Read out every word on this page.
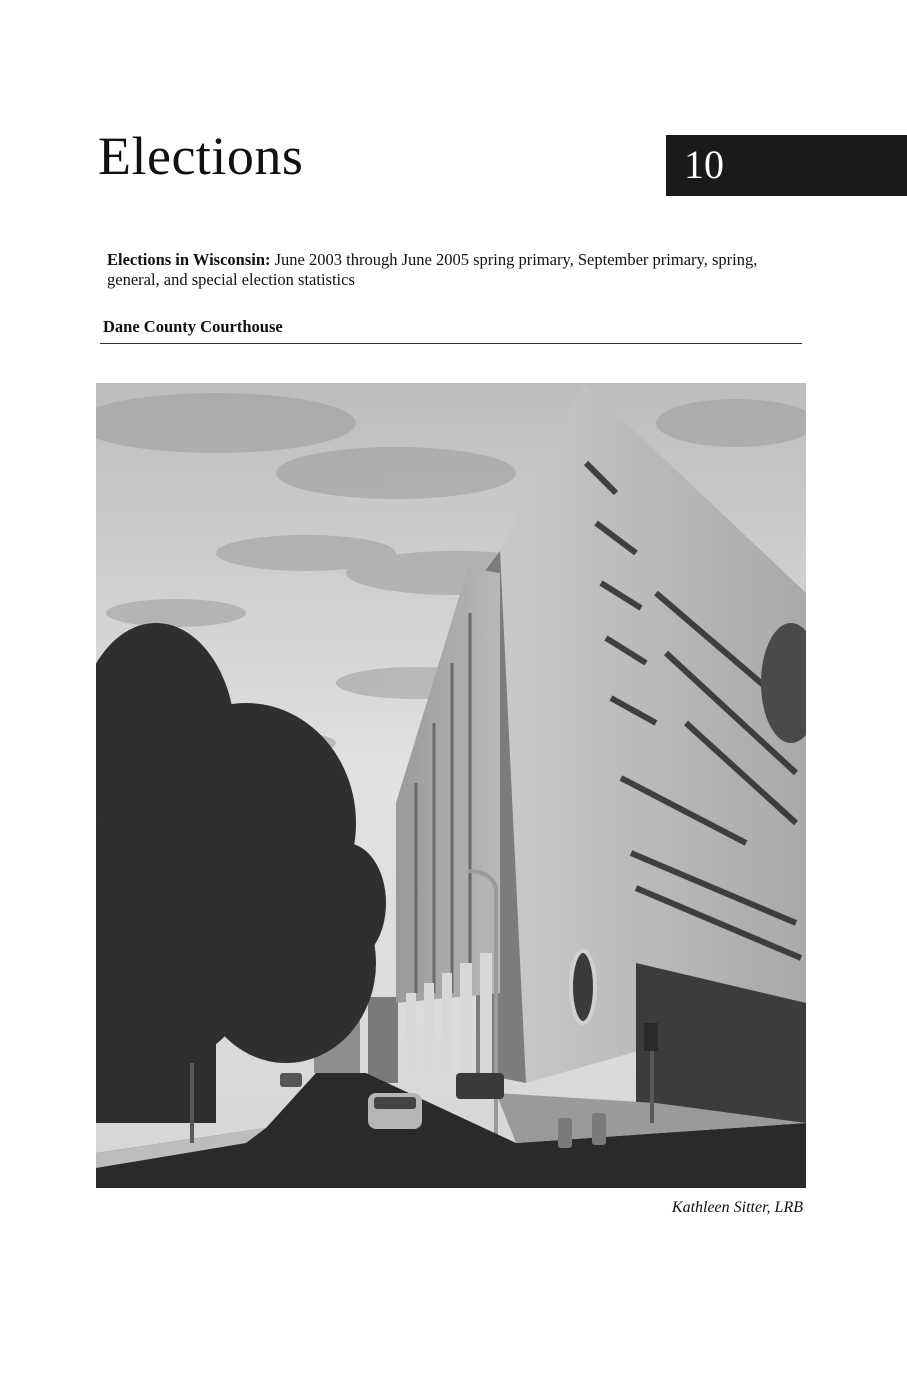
Elections	10

Elections in Wisconsin: June 2003 through June 2005 spring primary, September primary, spring, general, and special election statistics

Dane County Courthouse

Kathleen Sitter, LRB
